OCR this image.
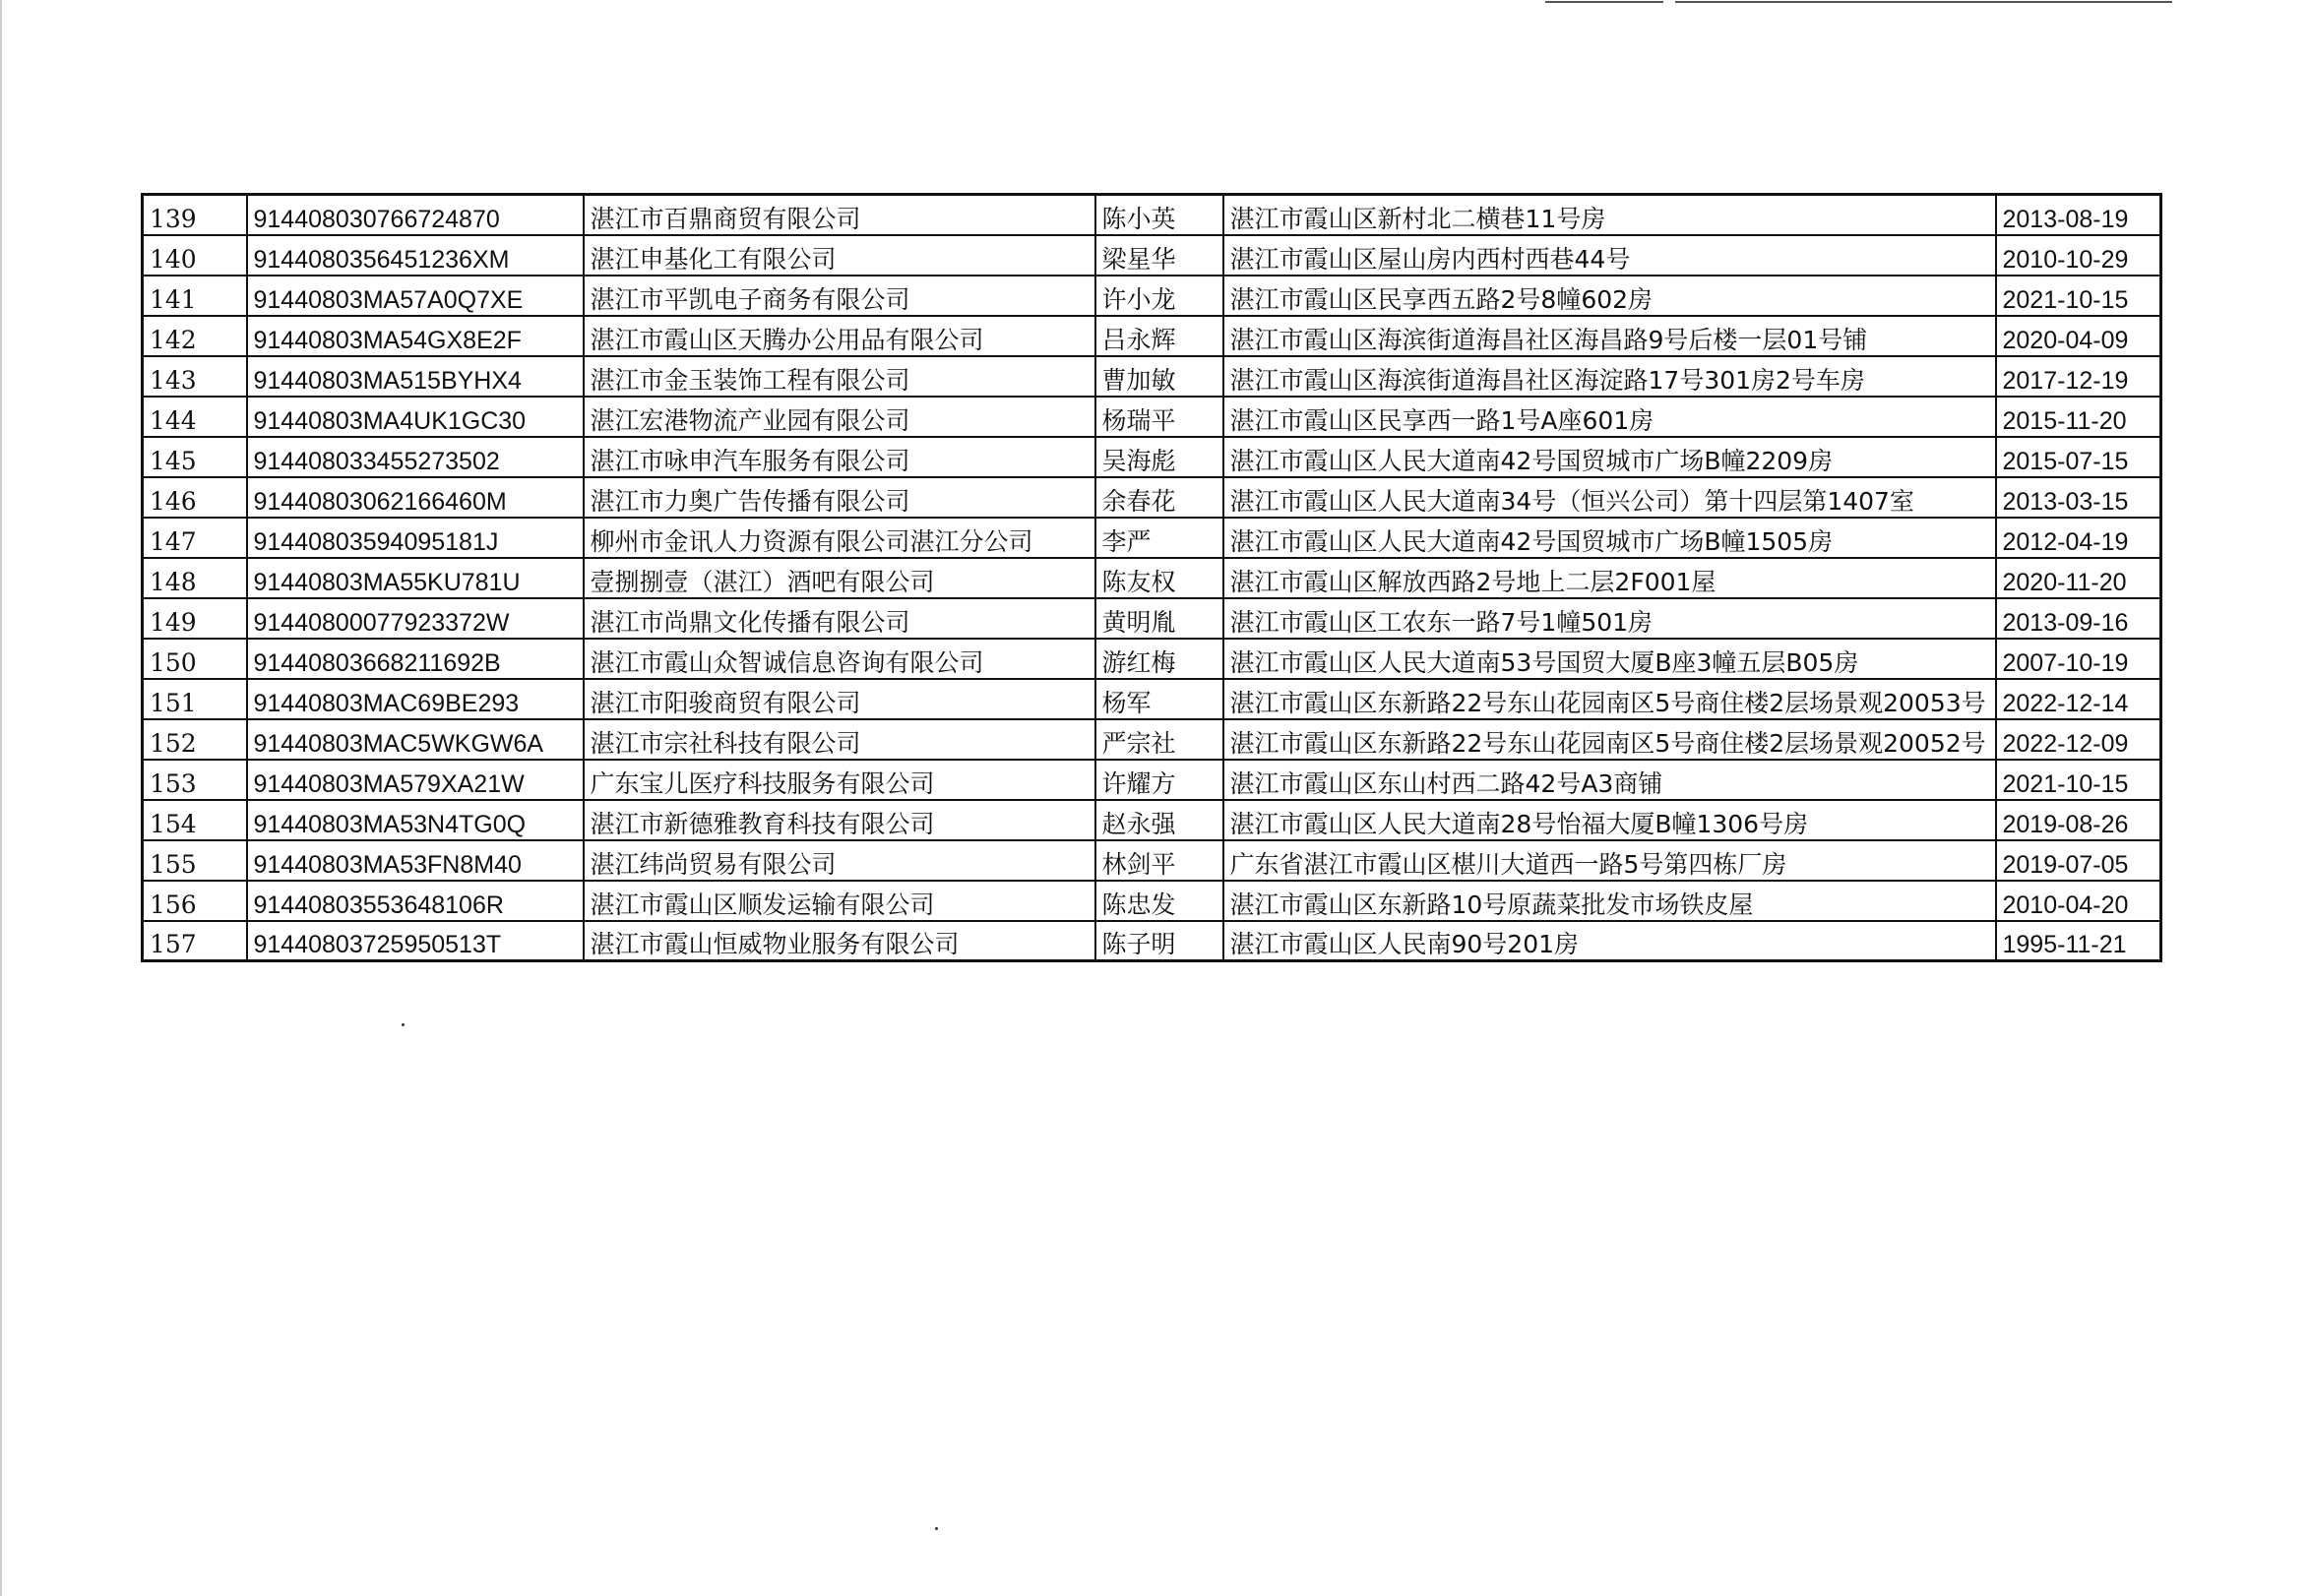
139	914408030766724870	湛江市百鼎商贸有限公司	陈小英	湛江市霞山区新村北二横巷11号房	2013-08-19
140	9144080356451236XM	湛江申基化工有限公司	梁星华	湛江市霞山区屋山房内西村西巷44号	2010-10-29
141	91440803MA57A0Q7XE	湛江市平凯电子商务有限公司	许小龙	湛江市霞山区民享西五路2号8幢602房	2021-10-15
142	91440803MA54GX8E2F	湛江市霞山区天腾办公用品有限公司	吕永辉	湛江市霞山区海滨街道海昌社区海昌路9号后楼一层01号铺	2020-04-09
143	91440803MA515BYHX4	湛江市金玉装饰工程有限公司	曹加敏	湛江市霞山区海滨街道海昌社区海淀路17号301房2号车房	2017-12-19
144	91440803MA4UK1GC30	湛江宏港物流产业园有限公司	杨瑞平	湛江市霞山区民享西一路1号A座601房	2015-11-20
145	914408033455273502	湛江市咏申汽车服务有限公司	吴海彪	湛江市霞山区人民大道南42号国贸城市广场B幢2209房	2015-07-15
146	91440803062166460M	湛江市力奥广告传播有限公司	余春花	湛江市霞山区人民大道南34号（恒兴公司）第十四层第1407室	2013-03-15
147	91440803594095181J	柳州市金讯人力资源有限公司湛江分公司	李严	湛江市霞山区人民大道南42号国贸城市广场B幢1505房	2012-04-19
148	91440803MA55KU781U	壹捌捌壹（湛江）酒吧有限公司	陈友权	湛江市霞山区解放西路2号地上二层2F001屋	2020-11-20
149	91440800077923372W	湛江市尚鼎文化传播有限公司	黄明胤	湛江市霞山区工农东一路7号1幢501房	2013-09-16
150	91440803668211692B	湛江市霞山众智诚信息咨询有限公司	游红梅	湛江市霞山区人民大道南53号国贸大厦B座3幢五层B05房	2007-10-19
151	91440803MAC69BE293	湛江市阳骏商贸有限公司	杨军	湛江市霞山区东新路22号东山花园南区5号商住楼2层场景观20053号	2022-12-14
152	91440803MAC5WKGW6A	湛江市宗社科技有限公司	严宗社	湛江市霞山区东新路22号东山花园南区5号商住楼2层场景观20052号	2022-12-09
153	91440803MA579XA21W	广东宝儿医疗科技服务有限公司	许耀方	湛江市霞山区东山村西二路42号A3商铺	2021-10-15
154	91440803MA53N4TG0Q	湛江市新德雅教育科技有限公司	赵永强	湛江市霞山区人民大道南28号怡福大厦B幢1306号房	2019-08-26
155	91440803MA53FN8M40	湛江纬尚贸易有限公司	林剑平	广东省湛江市霞山区椹川大道西一路5号第四栋厂房	2019-07-05
156	91440803553648106R	湛江市霞山区顺发运输有限公司	陈忠发	湛江市霞山区东新路10号原蔬菜批发市场铁皮屋	2010-04-20
157	91440803725950513T	湛江市霞山恒威物业服务有限公司	陈子明	湛江市霞山区人民南90号201房	1995-11-21
